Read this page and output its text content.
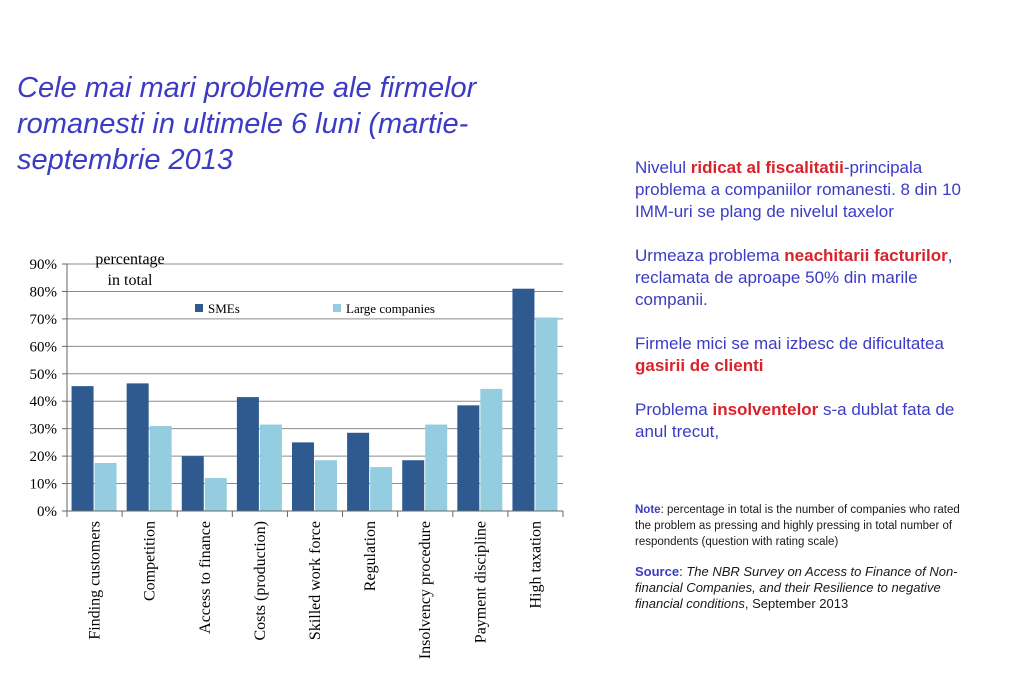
Cele mai mari probleme ale firmelor romanesti in ultimele 6 luni (martie-septembrie 2013
0%
10%
20%
30%
40%
50%
60%
70%
80%
90%
Finding customers Competition Access to finance Costs (production) Skilled work force Regulation Insolvency procedure Payment discipline High taxation
percentage
in total
SMEs	Large companies

Nivelul ridicat al fiscalitatii-principala problema a companiilor romanesti. 8 din 10 IMM-uri se plang de nivelul taxelor

Urmeaza problema neachitarii facturilor, reclamata de aproape 50% din marile companii.

Firmele mici se mai izbesc de dificultatea gasirii de clienti

Problema insolventelor s-a dublat fata de anul trecut,

Note: percentage in total is the number of companies who rated the problem as pressing and highly pressing in total number of respondents (question with rating scale)
Source: The NBR Survey on Access to Finance of Non-financial Companies, and their Resilience to negative financial conditions, September 2013
